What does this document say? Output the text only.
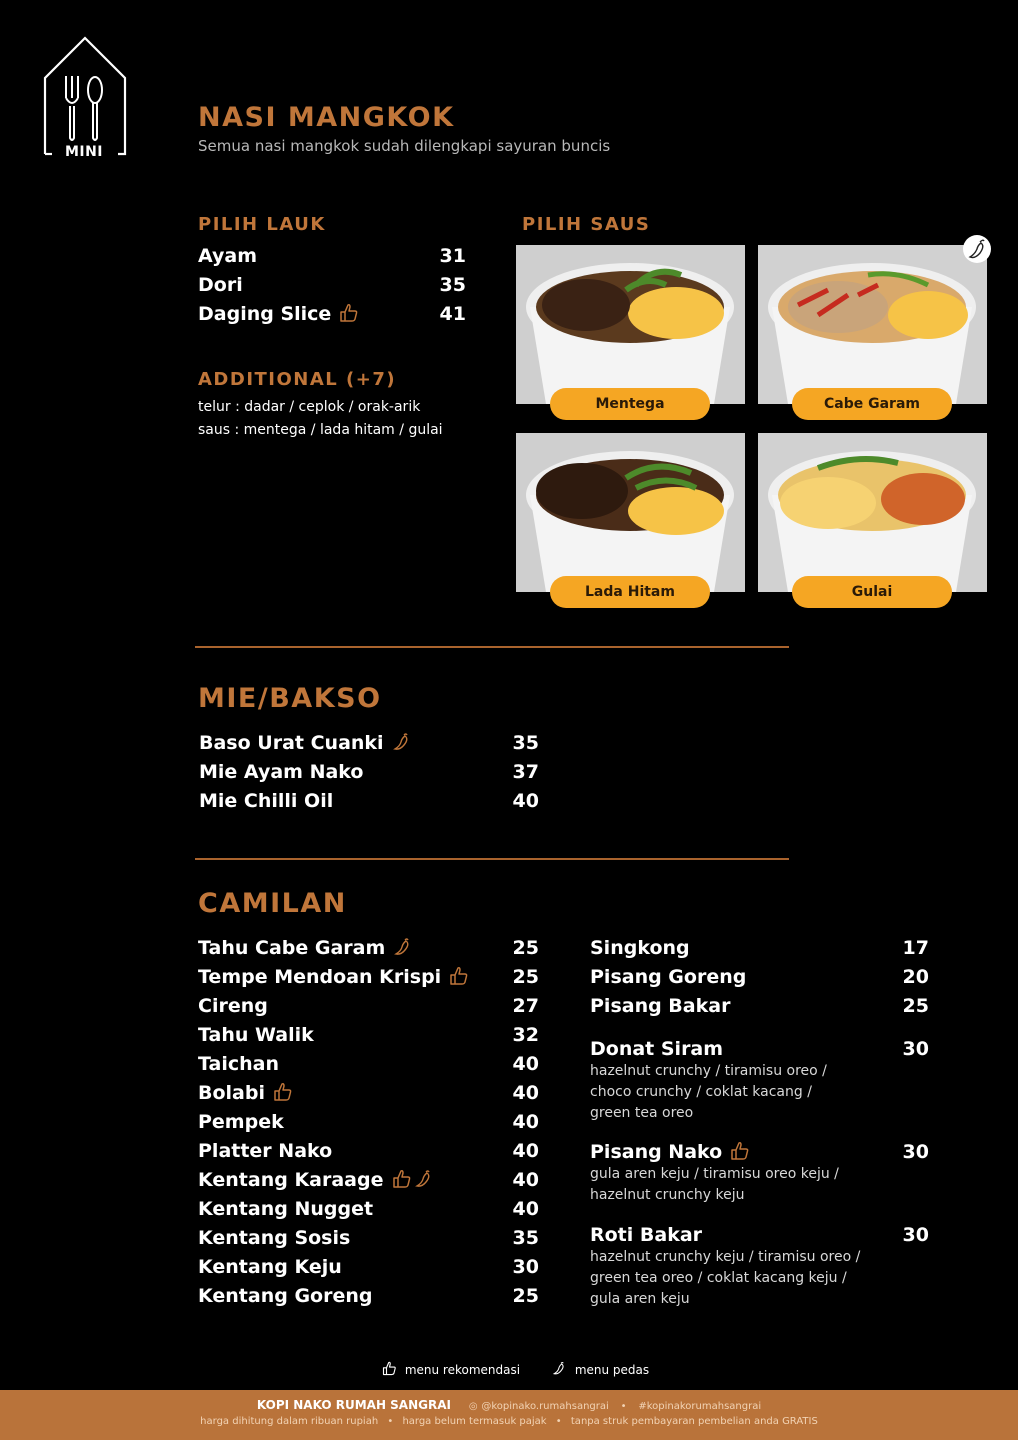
MINI
NASI MANGKOK
Semua nasi mangkok sudah dilengkapi sayuran buncis
PILIH LAUK
Ayam	31
Dori	35
Daging Slice	41
ADDITIONAL (+7)
telur : dadar / ceplok / orak-arik
saus : mentega / lada hitam / gulai
PILIH SAUS
Mentega	Cabe Garam
Lada Hitam	Gulai
MIE/BAKSO
Baso Urat Cuanki	35
Mie Ayam Nako	37
Mie Chilli Oil	40
CAMILAN
Tahu Cabe Garam	25
Tempe Mendoan Krispi	25
Cireng	27
Tahu Walik	32
Taichan	40
Bolabi	40
Pempek	40
Platter Nako	40
Kentang Karaage	40
Kentang Nugget	40
Kentang Sosis	35
Kentang Keju	30
Kentang Goreng	25
Singkong	17
Pisang Goreng	20
Pisang Bakar	25
Donat Siram	30
hazelnut crunchy / tiramisu oreo /
choco crunchy / coklat kacang /
green tea oreo
Pisang Nako	30
gula aren keju / tiramisu oreo keju /
hazelnut crunchy keju
Roti Bakar	30
hazelnut crunchy keju / tiramisu oreo /
green tea oreo / coklat kacang keju /
gula aren keju
menu rekomendasi	menu pedas
KOPI NAKO RUMAH SANGRAI ◎ @kopinako.rumahsangrai • #kopinakorumahsangrai
harga dihitung dalam ribuan rupiah • harga belum termasuk pajak • tanpa struk pembayaran pembelian anda GRATIS
